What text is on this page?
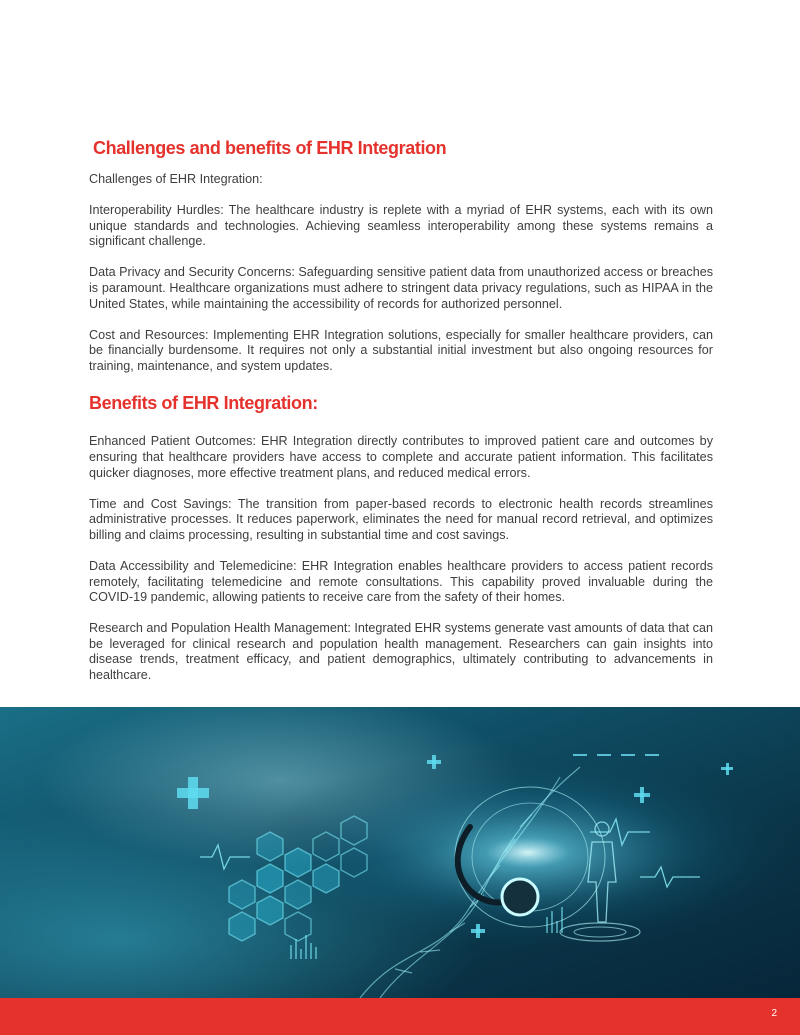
Challenges and benefits of EHR Integration

Challenges of EHR Integration:

Interoperability Hurdles: The healthcare industry is replete with a myriad of EHR systems, each with its own unique standards and technologies. Achieving seamless interoperability among these systems remains a significant challenge.

Data Privacy and Security Concerns: Safeguarding sensitive patient data from unauthorized access or breaches is paramount. Healthcare organizations must adhere to stringent data privacy regulations, such as HIPAA in the United States, while maintaining the accessibility of records for authorized personnel.

Cost and Resources: Implementing EHR Integration solutions, especially for smaller healthcare providers, can be financially burdensome. It requires not only a substantial initial investment but also ongoing resources for training, maintenance, and system updates.

Benefits of EHR Integration:

Enhanced Patient Outcomes: EHR Integration directly contributes to improved patient care and outcomes by ensuring that healthcare providers have access to complete and accurate patient information. This facilitates quicker diagnoses, more effective treatment plans, and reduced medical errors.

Time and Cost Savings: The transition from paper-based records to electronic health records streamlines administrative processes. It reduces paperwork, eliminates the need for manual record retrieval, and optimizes billing and claims processing, resulting in substantial time and cost savings.

Data Accessibility and Telemedicine: EHR Integration enables healthcare providers to access patient records remotely, facilitating telemedicine and remote consultations. This capability proved invaluable during the COVID-19 pandemic, allowing patients to receive care from the safety of their homes.

Research and Population Health Management: Integrated EHR systems generate vast amounts of data that can be leveraged for clinical research and population health management. Researchers can gain insights into disease trends, treatment efficacy, and patient demographics, ultimately contributing to advancements in healthcare.

2
